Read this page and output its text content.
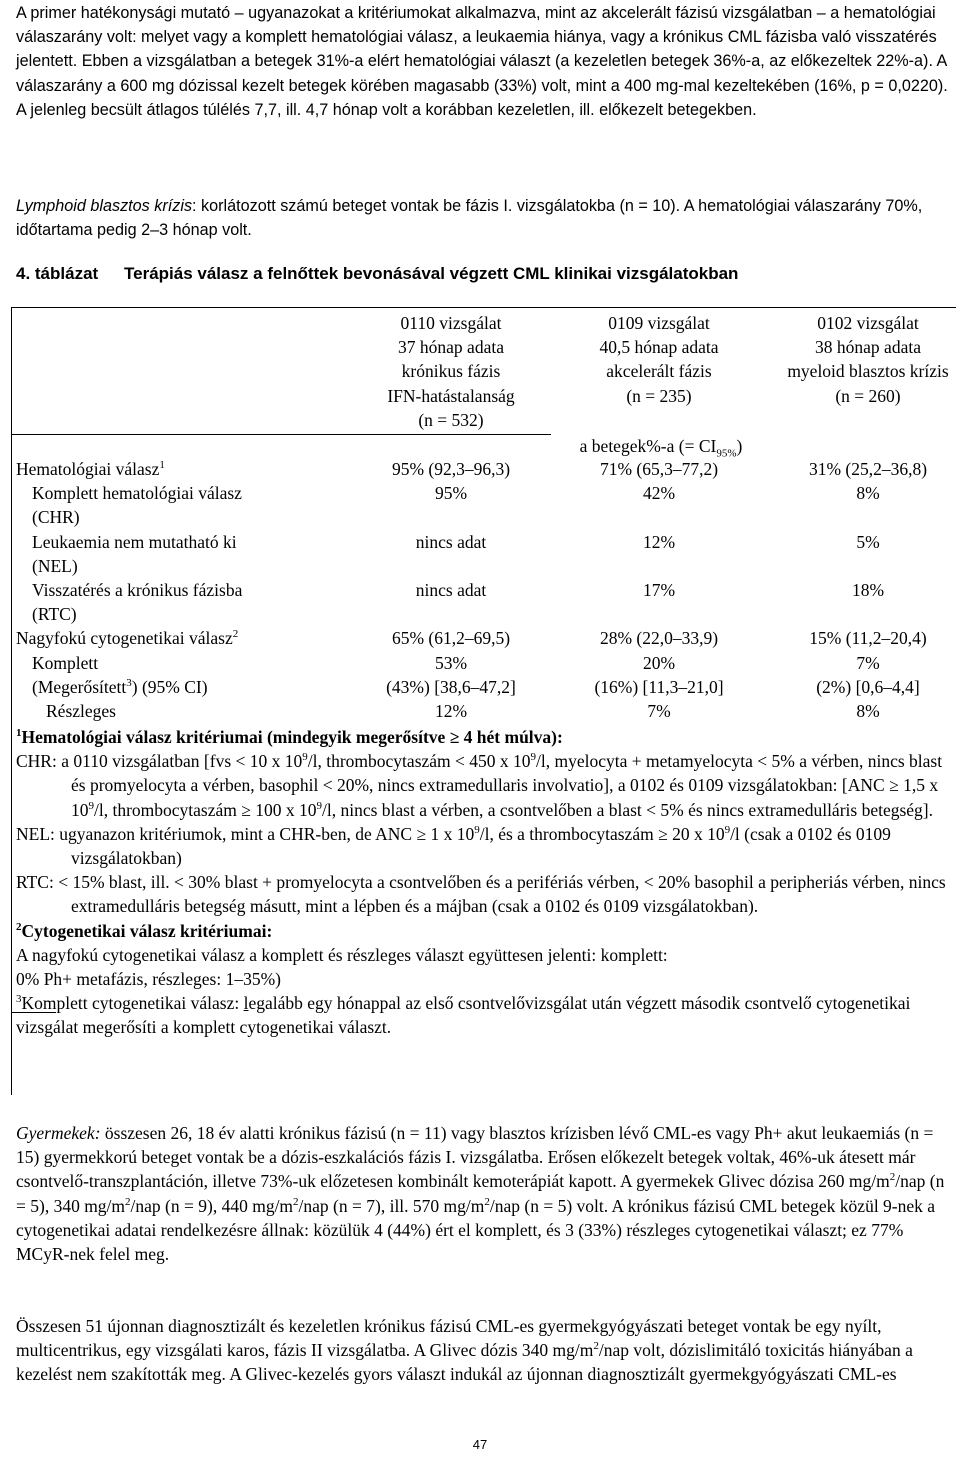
A primer hatékonysági mutató – ugyanazokat a kritériumokat alkalmazva, mint az akcelerált fázisú vizsgálatban – a hematológiai válaszarány volt: melyet vagy a komplett hematológiai válasz, a leukaemia hiánya, vagy a krónikus CML fázisba való visszatérés jelentett. Ebben a vizsgálatban a betegek 31%-a elért hematológiai választ (a kezeletlen betegek 36%-a, az előkezeltek 22%-a). A válaszarány a 600 mg dózissal kezelt betegek körében magasabb (33%) volt, mint a 400 mg-mal kezeltekében (16%, p = 0,0220). A jelenleg becsült átlagos túlélés 7,7, ill. 4,7 hónap volt a korábban kezeletlen, ill. előkezelt betegekben.

Lymphoid blasztos krízis: korlátozott számú beteget vontak be fázis I. vizsgálatokba (n = 10). A hematológiai válaszarány 70%, időtartama pedig 2–3 hónap volt.

4. táblázat Terápiás válasz a felnőttek bevonásával végzett CML klinikai vizsgálatokban
0110 vizsgálat
37 hónap adata
krónikus fázis
IFN-hatástalanság
(n = 532)
0109 vizsgálat
40,5 hónap adata
akcelerált fázis
(n = 235)
0102 vizsgálat
38 hónap adata
myeloid blasztos krízis
(n = 260)
a betegek%-a (= $CI_{95\%}$)
Hematológiai válasz$^1$
Komplett hematológiai válasz
(CHR)
Leukaemia nem mutatható ki
(NEL)
Visszatérés a krónikus fázisba
(RTC)
Nagyfokú cytogenetikai válasz$^2$
Komplett
(Megerősített$^3$) (95% CI)
Részleges
95% (92,3–96,3)
95%

nincs adat

nincs adat

65% (61,2–69,5)
53%
(43%) [38,6–47,2]
12%
71% (65,3–77,2)
42%

12%

17%

28% (22,0–33,9)
20%
(16%) [11,3–21,0]
7%
31% (25,2–36,8)
8%

5%

18%

15% (11,2–20,4)
7%
(2%) [0,6–4,4]
8%
$^1$Hematológiai válasz kritériumai (mindegyik megerősítve ≥ 4 hét múlva):
CHR: a 0110 vizsgálatban [fvs < 10 x $10^9/l$, thrombocytaszám < 450 x $10^9/l$, myelocyta + metamyelocyta < 5% a vérben, nincs blast és promyelocyta a vérben, basophil < 20%, nincs extramedullaris involvatio], a 0102 és 0109 vizsgálatokban: [ANC ≥ 1,5 x $10^9/l$, thrombocytaszám ≥ 100 x $10^9/l$, nincs blast a vérben, a csontvelőben a blast < 5% és nincs extramedulláris betegség].
NEL: ugyanazon kritériumok, mint a CHR-ben, de ANC ≥ 1 x $10^9/l$, és a thrombocytaszám ≥ 20 x $10^9/l$ (csak a 0102 és 0109 vizsgálatokban)
RTC: < 15% blast, ill. < 30% blast + promyelocyta a csontvelőben és a perifériás vérben, < 20% basophil a peripheriás vérben, nincs extramedulláris betegség másutt, mint a lépben és a májban (csak a 0102 és 0109 vizsgálatokban).
$^2$Cytogenetikai válasz kritériumai:
A nagyfokú cytogenetikai válasz a komplett és részleges választ együttesen jelenti: komplett:
0% Ph+ metafázis, részleges: 1–35%)
$^3$Komplett cytogenetikai válasz: legalább egy hónappal az első csontvelővizsgálat után végzett második csontvelő cytogenetikai vizsgálat megerősíti a komplett cytogenetikai választ.

Gyermekek: összesen 26, 18 év alatti krónikus fázisú (n = 11) vagy blasztos krízisben lévő CML-es vagy Ph+ akut leukaemiás (n = 15) gyermekkorú beteget vontak be a dózis-eszkalációs fázis I. vizsgálatba. Erősen előkezelt betegek voltak, 46%-uk átesett már csontvelő-transzplantáción, illetve 73%-uk előzetesen kombinált kemoterápiát kapott. A gyermekek Glivec dózisa 260 $mg/m^2$/nap (n = 5), 340 $mg/m^2$/nap (n = 9), 440 $mg/m^2$/nap (n = 7), ill. 570 $mg/m^2$/nap (n = 5) volt. A krónikus fázisú CML betegek közül 9-nek a cytogenetikai adatai rendelkezésre állnak: közülük 4 (44%) ért el komplett, és 3 (33%) részleges cytogenetikai választ; ez 77% MCyR-nek felel meg.

Összesen 51 újonnan diagnosztizált és kezeletlen krónikus fázisú CML-es gyermekgyógyászati beteget vontak be egy nyílt, multicentrikus, egy vizsgálati karos, fázis II vizsgálatba. A Glivec dózis 340 $mg/m^2$/nap volt, dózislimitáló toxicitás hiányában a kezelést nem szakították meg. A Glivec-kezelés gyors választ indukál az újonnan diagnosztizált gyermekgyógyászati CML-es

47
